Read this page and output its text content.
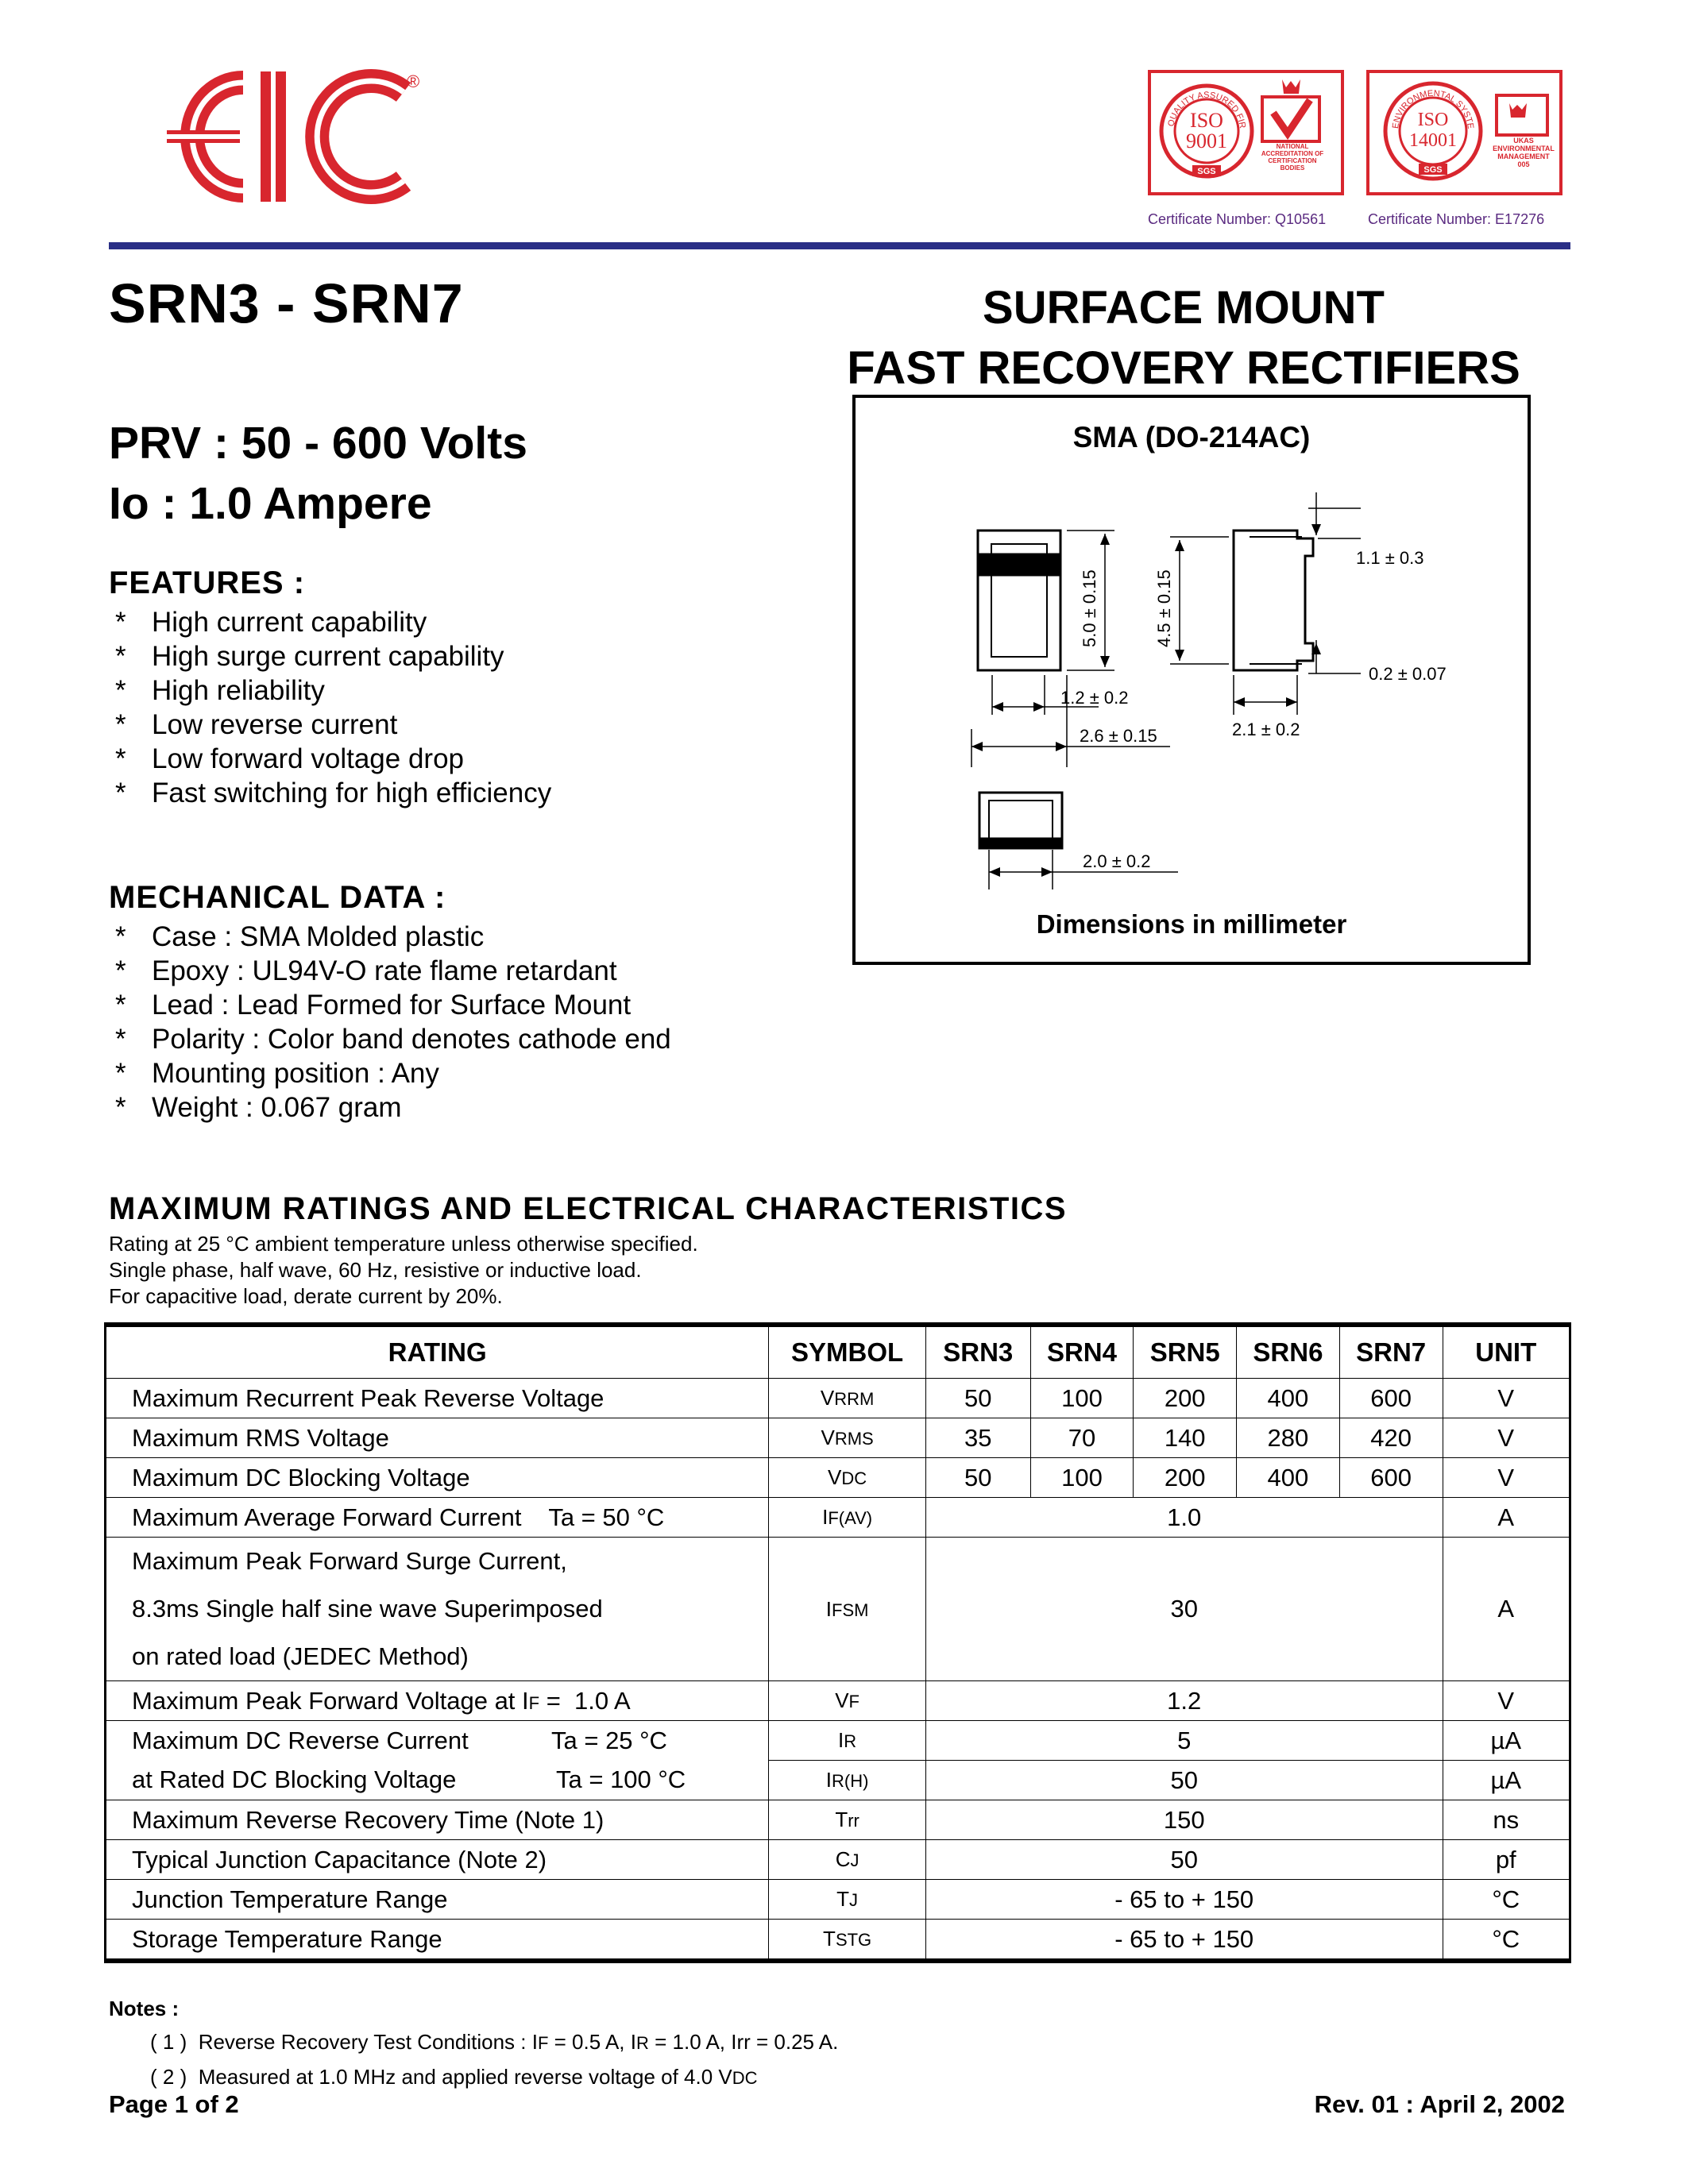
®
ISO
9001
QUALITY ASSURED FIR
SGS
NATIONAL ACCREDITATION OF CERTIFICATION BODIES
Certificate Number: Q10561
ISO
14001
ENVIRONMENTAL SYSTE
SGS
UKAS ENVIRONMENTAL MANAGEMENT
005
Certificate Number: E17276
SRN3 - SRN7	SURFACE MOUNT
FAST RECOVERY RECTIFIERS
PRV : 50 - 600 Volts
Io : 1.0 Ampere
FEATURES :
* High current capability
* High surge current capability
* High reliability
* Low reverse current
* Low forward voltage drop
* Fast switching for high efficiency
MECHANICAL DATA :
* Case : SMA Molded plastic
* Epoxy : UL94V-O rate flame retardant
* Lead : Lead Formed for Surface Mount
* Polarity : Color band denotes cathode end
* Mounting position : Any
* Weight : 0.067 gram
SMA (DO-214AC)
5.0 ± 0.15	4.5 ± 0.15
1.1 ± 0.3
0.2 ± 0.07
1.2 ± 0.2
2.6 ± 0.15	2.1 ± 0.2
2.0 ± 0.2
Dimensions in millimeter
MAXIMUM RATINGS AND ELECTRICAL CHARACTERISTICS
Rating at 25 °C ambient temperature unless otherwise specified.
Single phase, half wave, 60 Hz, resistive or inductive load.
For capacitive load, derate current by 20%.
RATING	SYMBOL	SRN3	SRN4	SRN5	SRN6	SRN7	UNIT
Maximum Recurrent Peak Reverse Voltage	VRRM	50	100	200	400	600	V
Maximum RMS Voltage	VRMS	35	70	140	280	420	V
Maximum DC Blocking Voltage	VDC	50	100	200	400	600	V
Maximum Average Forward Current    Ta = 50 °C	IF(AV)	1.0					A

Maximum Peak Forward Surge Current,
8.3ms Single half sine wave Superimposed
on rated load (JEDEC Method)	IFSM	30					A
Maximum Peak Forward Voltage at IF =  1.0 A	VF	1.2					V
Maximum DC Reverse Current Ta = 25 °C	IR	5					µA
at Rated DC Blocking Voltage Ta = 100 °C	IR(H)	50					µA
Maximum Reverse Recovery Time (Note 1)	Trr	150					ns
Typical Junction Capacitance (Note 2)	CJ	50					pf
Junction Temperature Range	TJ	- 65 to + 150					°C
Storage Temperature Range	TSTG	- 65 to + 150					°C
Notes :
( 1 ) Reverse Recovery Test Conditions : IF = 0.5 A, IR = 1.0 A, Irr = 0.25 A.
( 2 ) Measured at 1.0 MHz and applied reverse voltage of 4.0 VDC
Page 1 of 2	Rev. 01 : April 2, 2002
